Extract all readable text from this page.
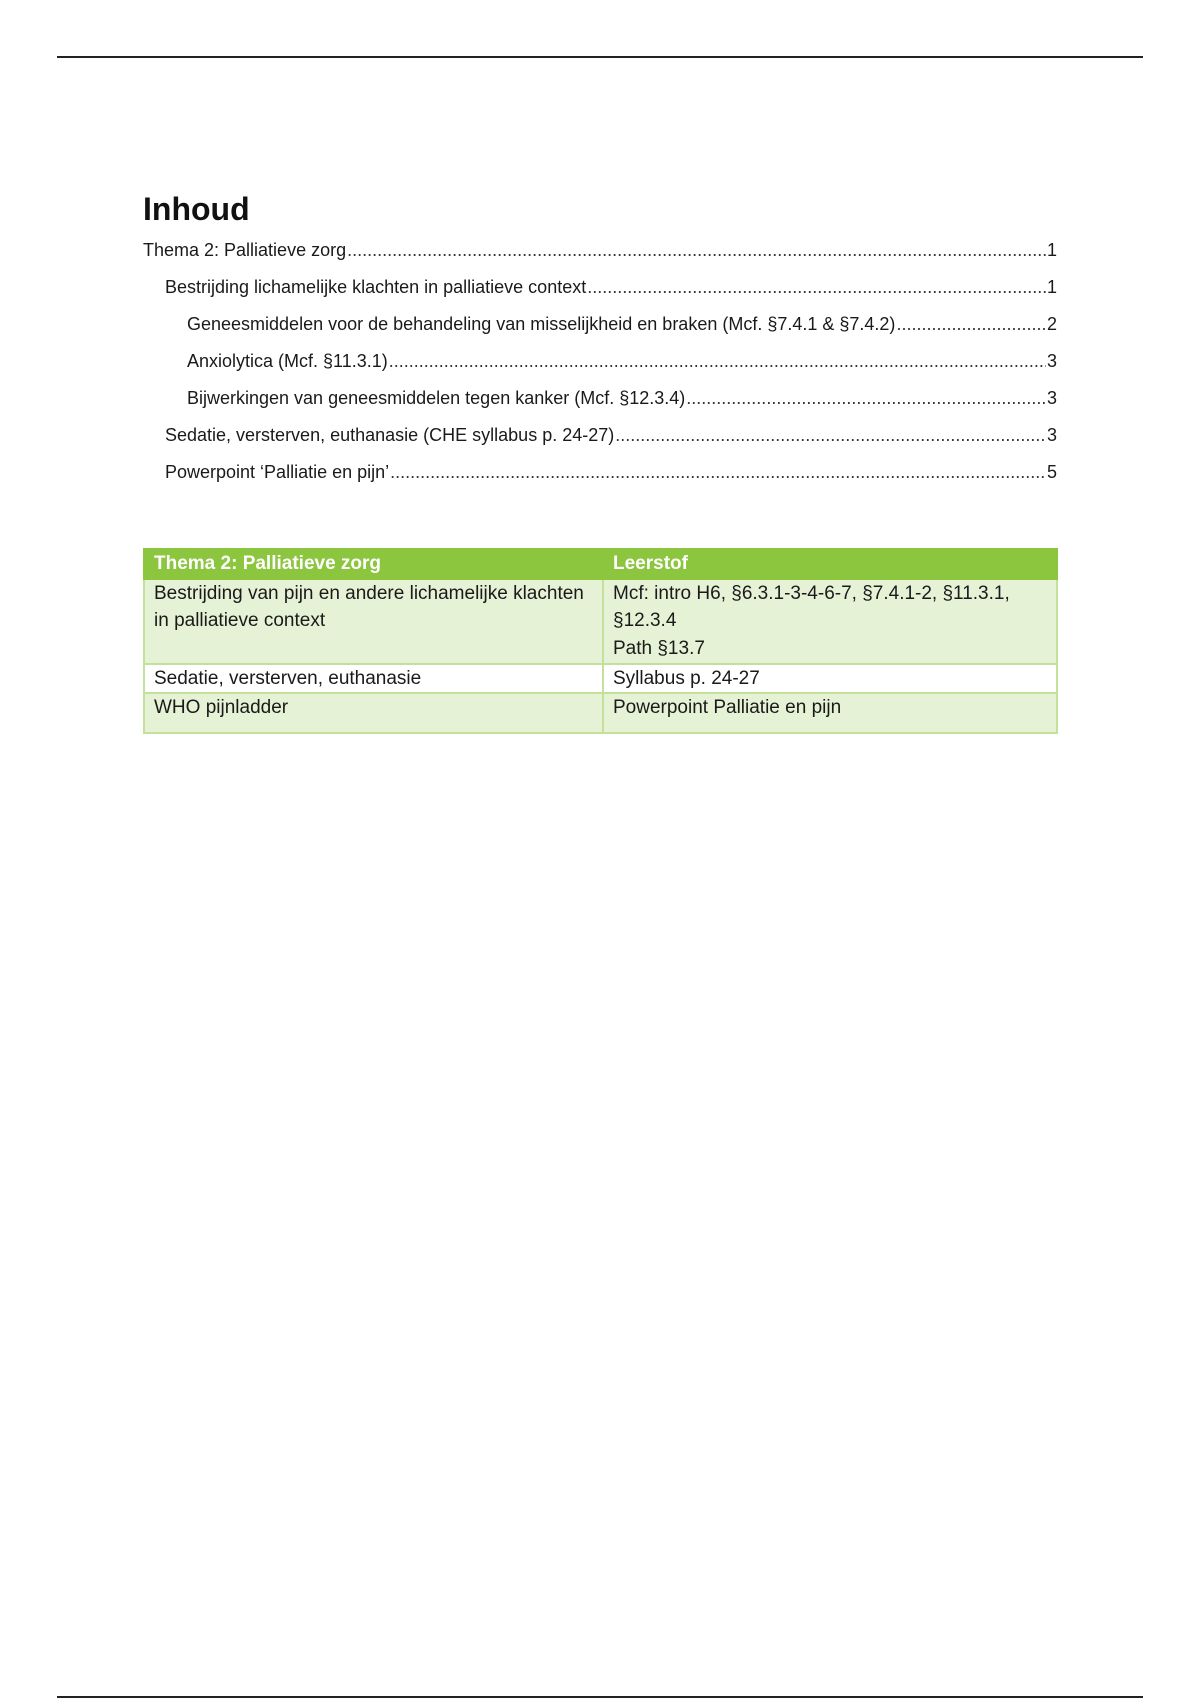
Inhoud
Thema 2: Palliatieve zorg .....	1
Bestrijding lichamelijke klachten in palliatieve context .....	1
Geneesmiddelen voor de behandeling van misselijkheid en braken (Mcf. §7.4.1 & §7.4.2) .....	2
Anxiolytica (Mcf. §11.3.1) .....	3
Bijwerkingen van geneesmiddelen tegen kanker (Mcf. §12.3.4) .....	3
Sedatie, versterven, euthanasie (CHE syllabus p. 24-27) .....	3
Powerpoint ‘Palliatie en pijn’ .....	5
Thema 2: Palliatieve zorg	Leerstof
Bestrijding van pijn en andere lichamelijke klachten in palliatieve context	Mcf: intro H6, §6.3.1-3-4-6-7, §7.4.1-2, §11.3.1, §12.3.4
Path §13.7

Sedatie, versterven, euthanasie	Syllabus p. 24-27

WHO pijnladder	Powerpoint Palliatie en pijn
